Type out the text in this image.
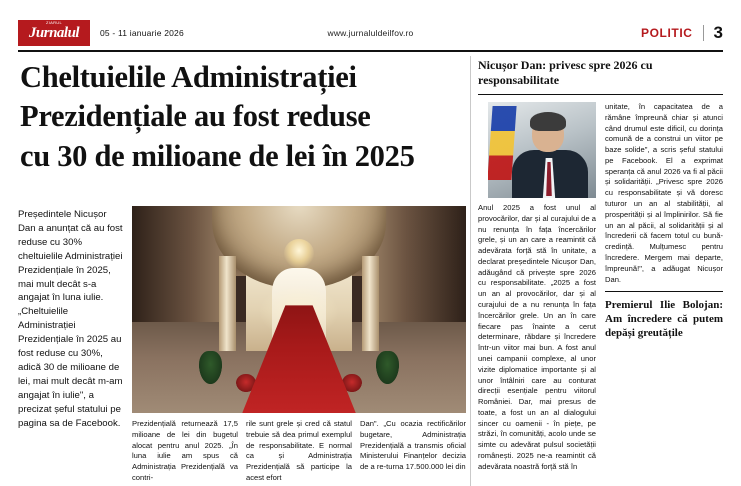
ZIARUL
Jurnalul 05 - 11 ianuarie 2026	www.jurnaluldeilfov.ro	POLITIC 3
Cheltuielile Administrației
Prezidențiale au fost reduse
cu 30 de milioane de lei în 2025
Președintele Nicușor Dan a anunțat că au fost reduse cu 30% cheltuielile Administrației Prezidențiale în 2025, mai mult decât s-a angajat în luna iulie. „Cheltuielile Administrației Prezidențiale în 2025 au fost reduse cu 30%, adică 30 de milioane de lei, mai mult decât m-am angajat în iulie", a precizat șeful statului pe pagina sa de Facebook.	Prezidențială returnează 17,5 milioane de lei din bugetul alocat pentru anul 2025. „În luna iulie am spus că Administrația Prezidențială va contri-
rile sunt grele și cred că statul trebuie să dea primul exemplul de responsabilitate. E normal ca și Administrația Prezidențială să participe la acest efort
Dan". „Cu ocazia rectificărilor bugetare, Administrația Prezidențială a transmis oficial Ministerului Finanțelor decizia de a re-turna 17.500.000 lei din
Nicușor Dan: privesc spre 2026 cu responsabilitate
Anul 2025 a fost unul al provocărilor, dar și al curajului de a nu renunța în fața încercărilor grele, și un an care a reamintit că adevărata forță stă în unitate, a declarat președintele Nicușor Dan, adăugând că privește spre 2026 cu responsabilitate. „2025 a fost un an al provocărilor, dar și al curajului de a nu renunța în fața încercărilor grele. Un an în care fiecare pas înainte a cerut determinare, răbdare și încredere într-un viitor mai bun. A fost anul unei campanii complexe, al unor vizite diplomatice importante și al unor întâlniri care au conturat direcții esențiale pentru viitorul României. Dar, mai presus de toate, a fost un an al dialogului sincer cu oamenii - în piețe, pe străzi, în comunități, acolo unde se simte cu adevărat pulsul societății românești. 2025 ne-a reamintit că adevărata noastră forță stă în
unitate, în capacitatea de a rămâne împreună chiar și atunci când drumul este dificil, cu dorința comună de a construi un viitor pe baze solide", a scris șeful statului pe Facebook. El a exprimat speranța că anul 2026 va fi al păcii și solidarității. „Privesc spre 2026 cu responsabilitate și vă doresc tuturor un an al stabilității, al prosperității și al împlinirilor. Să fie un an al păcii, al solidarității și al încrederii că facem totul cu bună-credință. Mulțumesc pentru încredere. Mergem mai departe, împreună!", a adăugat Nicușor Dan.
Premierul Ilie Bolojan: Am încredere că putem depăși greutățile
